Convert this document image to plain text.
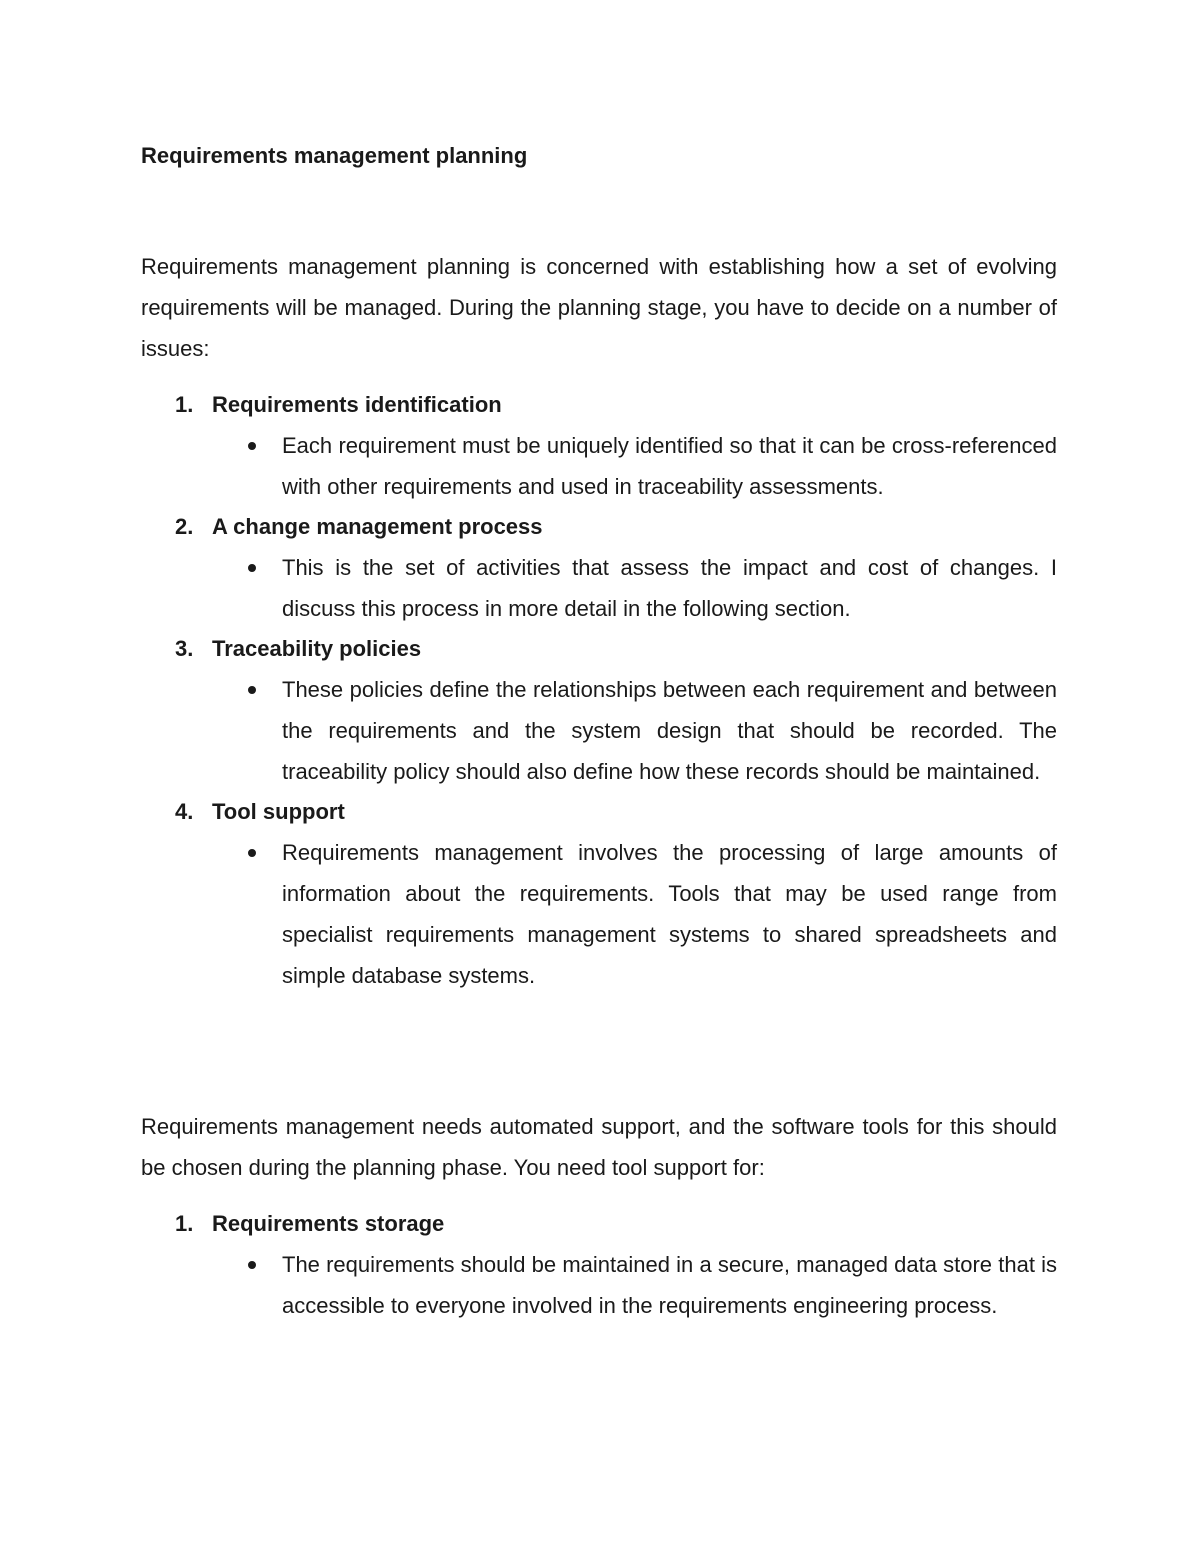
Requirements management planning

Requirements management planning is concerned with establishing how a set of evolving requirements will be managed. During the planning stage, you have to decide on a number of issues:

1. Requirements identification
Each requirement must be uniquely identified so that it can be cross-referenced with other requirements and used in traceability assessments.
2. A change management process
This is the set of activities that assess the impact and cost of changes. I discuss this process in more detail in the following section.
3. Traceability policies
These policies define the relationships between each requirement and between the requirements and the system design that should be recorded. The traceability policy should also define how these records should be maintained.
4. Tool support
Requirements management involves the processing of large amounts of information about the requirements. Tools that may be used range from specialist requirements management systems to shared spreadsheets and simple database systems.

Requirements management needs automated support, and the software tools for this should be chosen during the planning phase. You need tool support for:

1. Requirements storage
The requirements should be maintained in a secure, managed data store that is accessible to everyone involved in the requirements engineering process.
